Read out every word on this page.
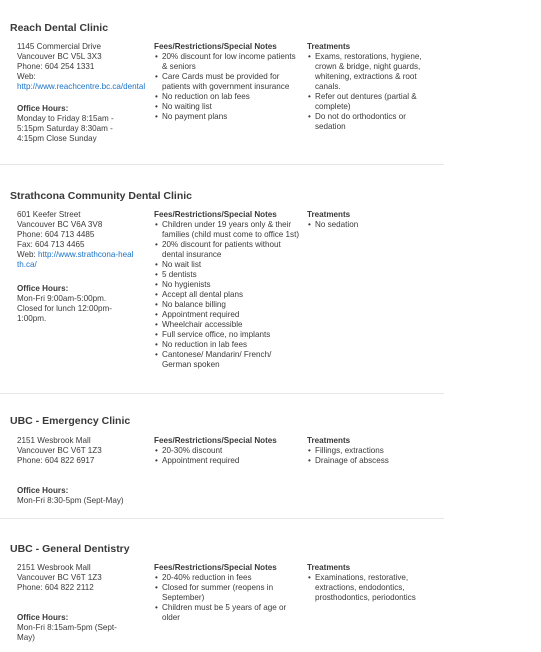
Reach Dental Clinic
1145 Commercial Drive
Vancouver BC V5L 3X3
Phone: 604 254 1331
Web:
http://www.reachcentre.bc.ca/dental
Office Hours:
Monday to Friday 8:15am -
5:15pm Saturday 8:30am -
4:15pm Close Sunday
Fees/Restrictions/Special Notes
• 20% discount for low income patients & seniors
• Care Cards must be provided for patients with government insurance
• No reduction on lab fees
• No waiting list
• No payment plans
Treatments
• Exams, restorations, hygiene, crown & bridge, night guards, whitening, extractions & root canals.
• Refer out dentures (partial & complete)
• Do not do orthodontics or sedation
Strathcona Community Dental Clinic
601 Keefer Street
Vancouver BC V6A 3V8
Phone: 604 713 4485
Fax: 604 713 4465
Web: http://www.strathcona-health.ca/
Office Hours:
Mon-Fri 9:00am-5:00pm.
Closed for lunch 12:00pm-
1:00pm.
Fees/Restrictions/Special Notes
• Children under 19 years only & their families (child must come to office 1st)
• 20% discount for patients without dental insurance
• No wait list
• 5 dentists
• No hygienists
• Accept all dental plans
• No balance billing
• Appointment required
• Wheelchair accessible
• Full service office, no implants
• No reduction in lab fees
• Cantonese/ Mandarin/ French/ German spoken
Treatments
• No sedation
UBC - Emergency Clinic
2151 Wesbrook Mall
Vancouver BC V6T 1Z3
Phone: 604 822 6917
Office Hours:
Mon-Fri 8:30-5pm (Sept-May)
Fees/Restrictions/Special Notes
• 20-30% discount
• Appointment required
Treatments
• Fillings, extractions
• Drainage of abscess
UBC - General Dentistry
2151 Wesbrook Mall
Vancouver BC V6T 1Z3
Phone: 604 822 2112
Office Hours:
Mon-Fri 8:15am-5pm (Sept-
May)
Fees/Restrictions/Special Notes
• 20-40% reduction in fees
• Closed for summer (reopens in September)
• Children must be 5 years of age or older
Treatments
• Examinations, restorative, extractions, endodontics, prosthodontics, periodontics
